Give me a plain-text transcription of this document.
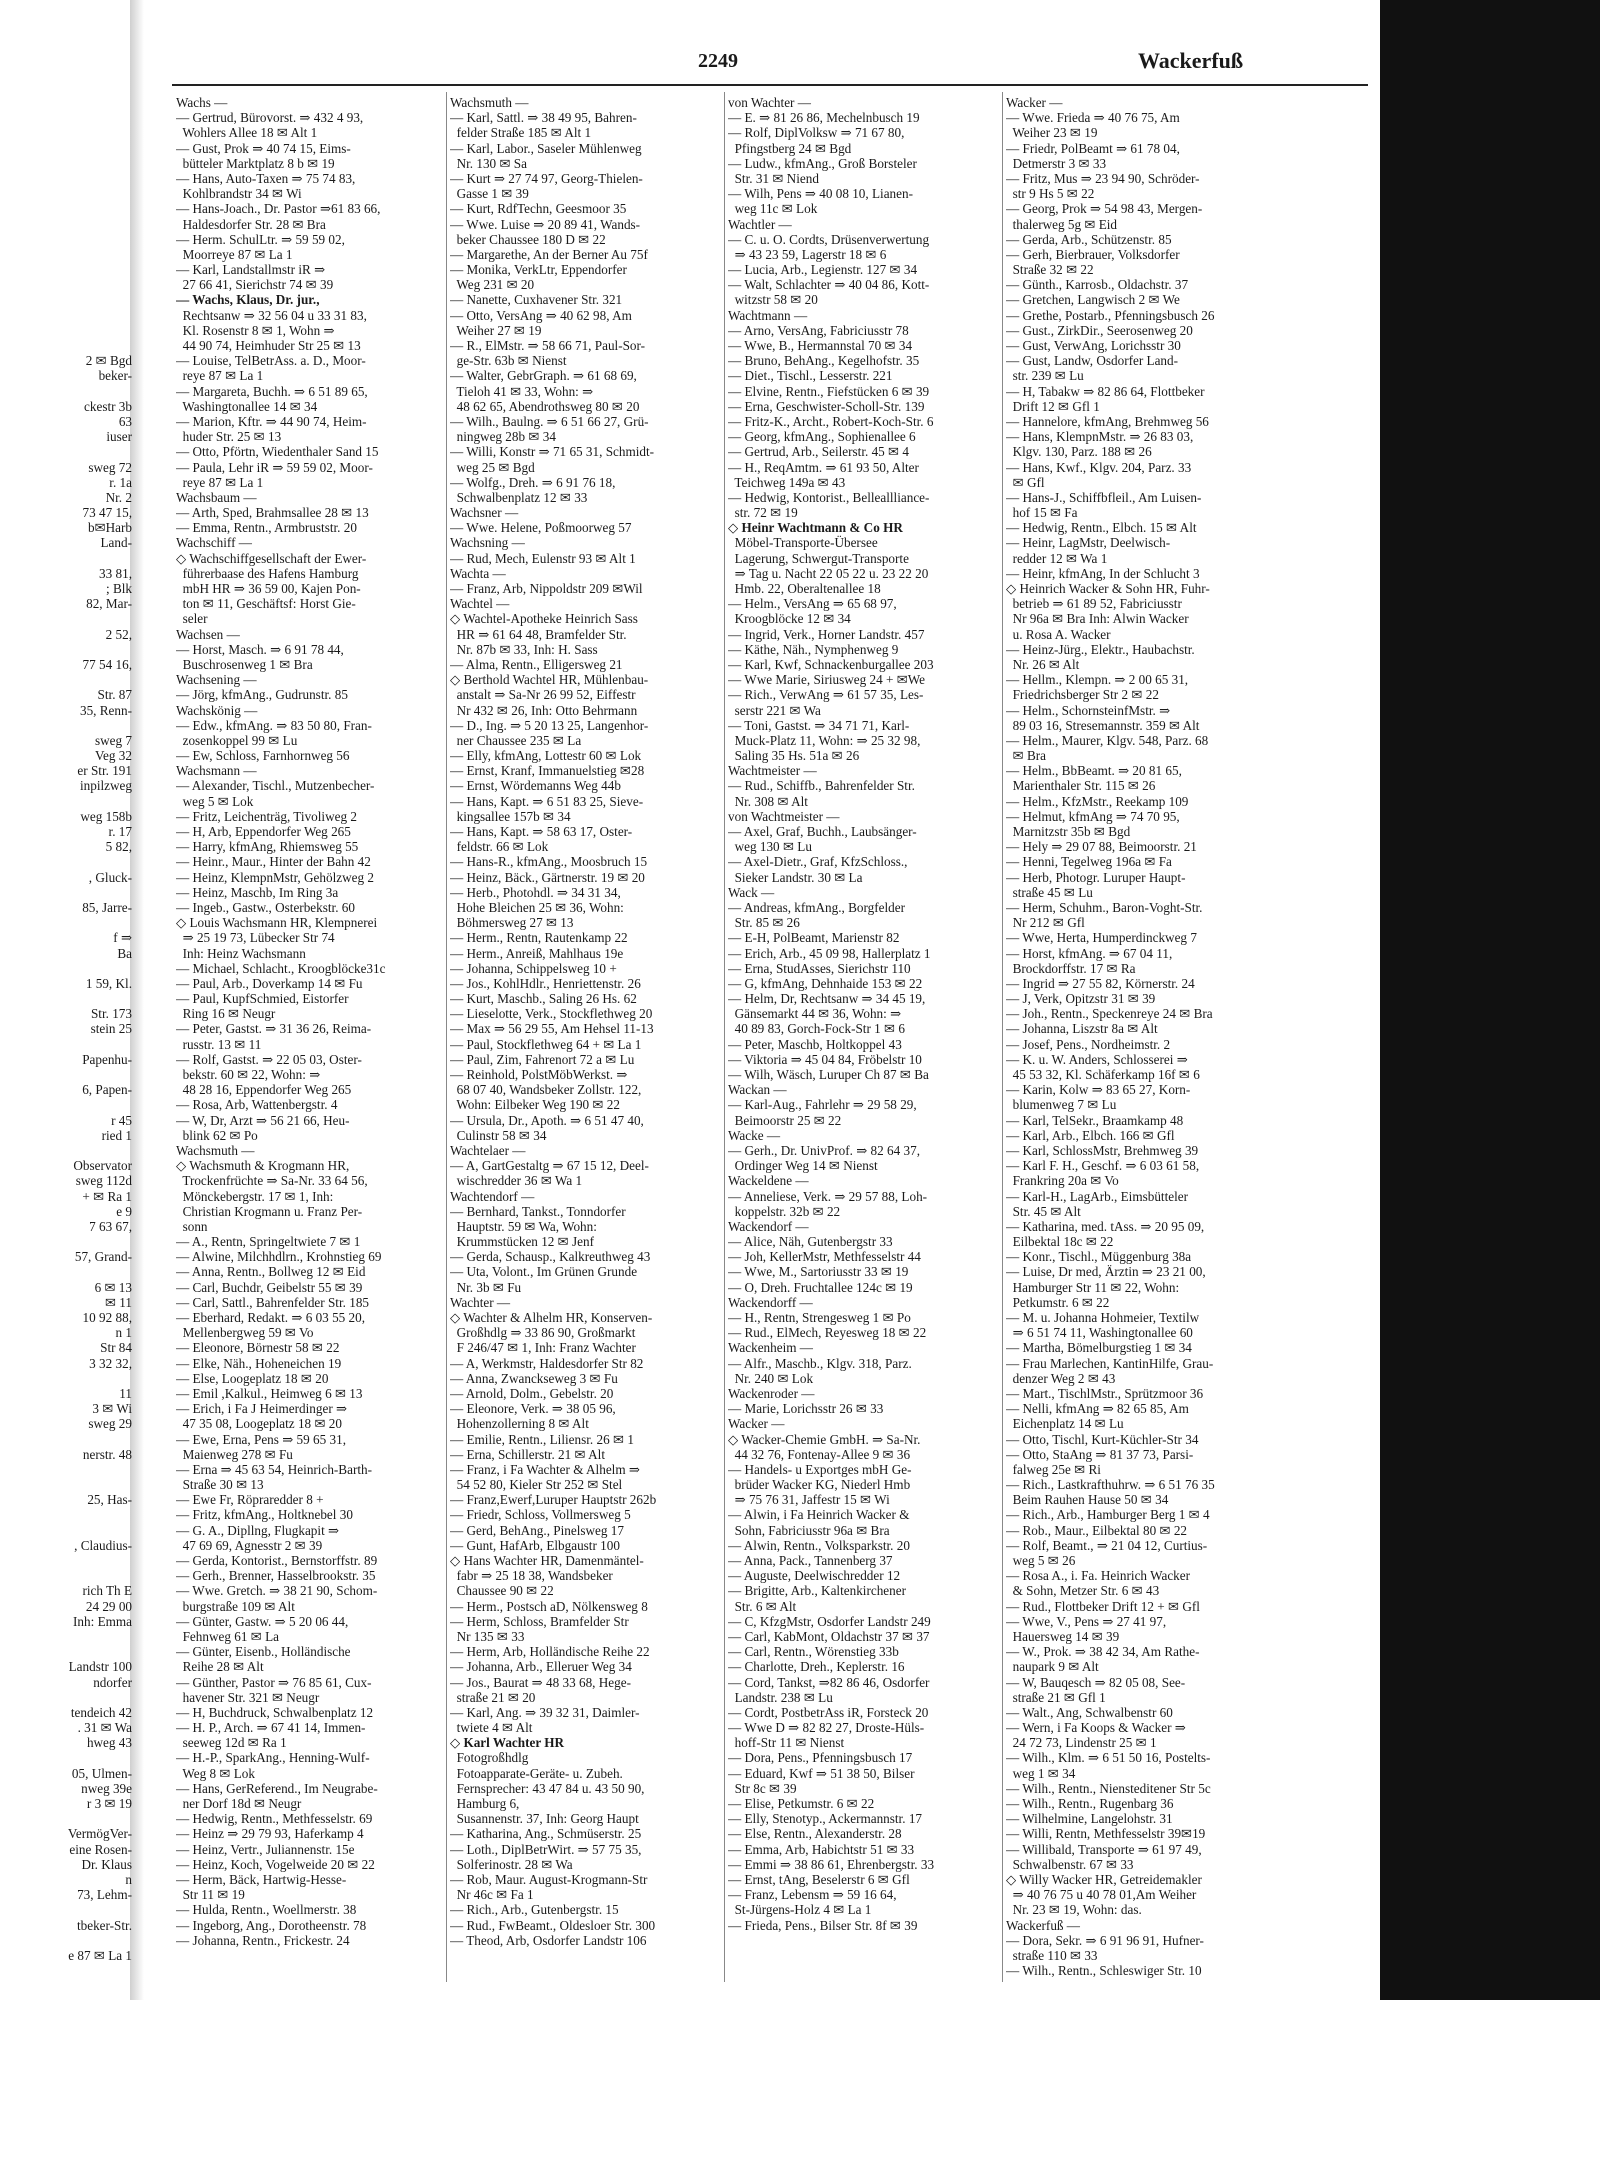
2249	Wackerfuß
2 ✉ Bgd
beker-
ckestr 3b
63
iuser
sweg 72
r. 1a
Nr. 2
73 47 15,
b✉Harb
Land-
33 81,
; Blk
82, Mar-
2 52,
77 54 16,
Str. 87
35, Renn-
sweg 7
Veg 32
er Str. 191
inpilzweg
weg 158b
r. 17
5 82,
, Gluck-
85, Jarre-
f ⇒
Ba
1 59, Kl.
Str. 173
stein 25
Papenhu-
6, Papen-
r 45
ried 1
Observator
sweg 112d
+ ✉ Ra 1
e 9
7 63 67,
57, Grand-
6 ✉ 13
✉ 11
10 92 88,
n 1
Str 84
3 32 32,
11
3 ✉ Wi
sweg 29
nerstr. 48
25, Has-
, Claudius-
rich Th E
24 29 00
Inh: Emma
Landstr 100
ndorfer
tendeich 42
. 31 ✉ Wa
hweg 43
05, Ulmen-
nweg 39e
r 3 ✉ 19
VermögVer-
eine Rosen-
Dr. Klaus
n
73, Lehm-
tbeker-Str.
e 87 ✉ La 1
Wachs —
— Gertrud, Bürovorst. ⇒ 432 4 93,
Wohlers Allee 18 ✉ Alt 1
— Gust, Prok ⇒ 40 74 15, Eims-
bütteler Marktplatz 8 b ✉ 19
— Hans, Auto-Taxen ⇒ 75 74 83,
Kohlbrandstr 34 ✉ Wi
— Hans-Joach., Dr. Pastor ⇒61 83 66,
Haldesdorfer Str. 28 ✉ Bra
— Herm. SchulLtr. ⇒ 59 59 02,
Moorreye 87 ✉ La 1
— Karl, Landstallmstr iR ⇒
27 66 41, Sierichstr 74 ✉ 39
— Wachs, Klaus, Dr. jur.,
Rechtsanw ⇒ 32 56 04 u 33 31 83,
Kl. Rosenstr 8 ✉ 1, Wohn ⇒
44 90 74, Heimhuder Str 25 ✉ 13
— Louise, TelBetrAss. a. D., Moor-
reye 87 ✉ La 1
— Margareta, Buchh. ⇒ 6 51 89 65,
Washingtonallee 14 ✉ 34
— Marion, Kftr. ⇒ 44 90 74, Heim-
huder Str. 25 ✉ 13
— Otto, Pförtn, Wiedenthaler Sand 15
— Paula, Lehr iR ⇒ 59 59 02, Moor-
reye 87 ✉ La 1
Wachsbaum —
— Arth, Sped, Brahmsallee 28 ✉ 13
— Emma, Rentn., Armbruststr. 20
Wachschiff —
◇ Wachschiffgesellschaft der Ewer-
führerbaase des Hafens Hamburg
mbH HR ⇒ 36 59 00, Kajen Pon-
ton ✉ 11, Geschäftsf: Horst Gie-
seler
Wachsen —
— Horst, Masch. ⇒ 6 91 78 44,
Buschrosenweg 1 ✉ Bra
Wachsening —
— Jörg, kfmAng., Gudrunstr. 85
Wachskönig —
— Edw., kfmAng. ⇒ 83 50 80, Fran-
zosenkoppel 99 ✉ Lu
— Ew, Schloss, Farnhornweg 56
Wachsmann —
— Alexander, Tischl., Mutzenbecher-
weg 5 ✉ Lok
— Fritz, Leichenträg, Tivoliweg 2
— H, Arb, Eppendorfer Weg 265
— Harry, kfmAng, Rhiemsweg 55
— Heinr., Maur., Hinter der Bahn 42
— Heinz, KlempnMstr, Gehölzweg 2
— Heinz, Maschb, Im Ring 3a
— Ingeb., Gastw., Osterbekstr. 60
◇ Louis Wachsmann HR, Klempnerei
⇒ 25 19 73, Lübecker Str 74
Inh: Heinz Wachsmann
— Michael, Schlacht., Kroogblöcke31c
— Paul, Arb., Doverkamp 14 ✉ Fu
— Paul, KupfSchmied, Eistorfer
Ring 16 ✉ Neugr
— Peter, Gastst. ⇒ 31 36 26, Reima-
russtr. 13 ✉ 11
— Rolf, Gastst. ⇒ 22 05 03, Oster-
bekstr. 60 ✉ 22, Wohn: ⇒
48 28 16, Eppendorfer Weg 265
— Rosa, Arb, Wattenbergstr. 4
— W, Dr, Arzt ⇒ 56 21 66, Heu-
blink 62 ✉ Po
Wachsmuth —
◇ Wachsmuth & Krogmann HR,
Trockenfrüchte ⇒ Sa-Nr. 33 64 56,
Mönckebergstr. 17 ✉ 1, Inh:
Christian Krogmann u. Franz Per-
sonn
— A., Rentn, Springeltwiete 7 ✉ 1
— Alwine, Milchhdlrn., Krohnstieg 69
— Anna, Rentn., Bollweg 12 ✉ Eid
— Carl, Buchdr, Geibelstr 55 ✉ 39
— Carl, Sattl., Bahrenfelder Str. 185
— Eberhard, Redakt. ⇒ 6 03 55 20,
Mellenbergweg 59 ✉ Vo
— Eleonore, Börnestr 58 ✉ 22
— Elke, Näh., Hoheneichen 19
— Else, Loogeplatz 18 ✉ 20
— Emil ,Kalkul., Heimweg 6 ✉ 13
— Erich, i Fa J Heimerdinger ⇒
47 35 08, Loogeplatz 18 ✉ 20
— Ewe, Erna, Pens ⇒ 59 65 31,
Maienweg 278 ✉ Fu
— Erna ⇒ 45 63 54, Heinrich-Barth-
Straße 30 ✉ 13
— Ewe Fr, Röpraredder 8 +
— Fritz, kfmAng., Holtknebel 30
— G. A., Dipllng, Flugkapit ⇒
47 69 69, Agnesstr 2 ✉ 39
— Gerda, Kontorist., Bernstorffstr. 89
— Gerh., Brenner, Hasselbrookstr. 35
— Wwe. Gretch. ⇒ 38 21 90, Schom-
burgstraße 109 ✉ Alt
— Günter, Gastw. ⇒ 5 20 06 44,
Fehnweg 61 ✉ La
— Günter, Eisenb., Holländische
Reihe 28 ✉ Alt
— Günther, Pastor ⇒ 76 85 61, Cux-
havener Str. 321 ✉ Neugr
— H, Buchdruck, Schwalbenplatz 12
— H. P., Arch. ⇒ 67 41 14, Immen-
seeweg 12d ✉ Ra 1
— H.-P., SparkAng., Henning-Wulf-
Weg 8 ✉ Lok
— Hans, GerReferend., Im Neugrabe-
ner Dorf 18d ✉ Neugr
— Hedwig, Rentn., Methfesselstr. 69
— Heinz ⇒ 29 79 93, Haferkamp 4
— Heinz, Vertr., Juliannenstr. 15e
— Heinz, Koch, Vogelweide 20 ✉ 22
— Herm, Bäck, Hartwig-Hesse-
Str 11 ✉ 19
— Hulda, Rentn., Woellmerstr. 38
— Ingeborg, Ang., Dorotheenstr. 78
— Johanna, Rentn., Frickestr. 24
Wachsmuth —
— Karl, Sattl. ⇒ 38 49 95, Bahren-
felder Straße 185 ✉ Alt 1
— Karl, Labor., Saseler Mühlenweg
Nr. 130 ✉ Sa
— Kurt ⇒ 27 74 97, Georg-Thielen-
Gasse 1 ✉ 39
— Kurt, RdfTechn, Geesmoor 35
— Wwe. Luise ⇒ 20 89 41, Wands-
beker Chaussee 180 D ✉ 22
— Margarethe, An der Berner Au 75f
— Monika, VerkLtr, Eppendorfer
Weg 231 ✉ 20
— Nanette, Cuxhavener Str. 321
— Otto, VersAng ⇒ 40 62 98, Am
Weiher 27 ✉ 19
— R., ElMstr. ⇒ 58 66 71, Paul-Sor-
ge-Str. 63b ✉ Nienst
— Walter, GebrGraph. ⇒ 61 68 69,
Tieloh 41 ✉ 33, Wohn: ⇒
48 62 65, Abendrothsweg 80 ✉ 20
— Wilh., Baulng. ⇒ 6 51 66 27, Grü-
ningweg 28b ✉ 34
— Willi, Konstr ⇒ 71 65 31, Schmidt-
weg 25 ✉ Bgd
— Wolfg., Dreh. ⇒ 6 91 76 18,
Schwalbenplatz 12 ✉ 33
Wachsner —
— Wwe. Helene, Poßmoorweg 57
Wachsning —
— Rud, Mech, Eulenstr 93 ✉ Alt 1
Wachta —
— Franz, Arb, Nippoldstr 209 ✉Wil
Wachtel —
◇ Wachtel-Apotheke Heinrich Sass
HR ⇒ 61 64 48, Bramfelder Str.
Nr. 87b ✉ 33, Inh: H. Sass
— Alma, Rentn., Elligersweg 21
◇ Berthold Wachtel HR, Mühlenbau-
anstalt ⇒ Sa-Nr 26 99 52, Eiffestr
Nr 432 ✉ 26, Inh: Otto Behrmann
— D., Ing. ⇒ 5 20 13 25, Langenhor-
ner Chaussee 235 ✉ La
— Elly, kfmAng, Lottestr 60 ✉ Lok
— Ernst, Kranf, Immanuelstieg ✉28
— Ernst, Wördemanns Weg 44b
— Hans, Kapt. ⇒ 6 51 83 25, Sieve-
kingsallee 157b ✉ 34
— Hans, Kapt. ⇒ 58 63 17, Oster-
feldstr. 66 ✉ Lok
— Hans-R., kfmAng., Moosbruch 15
— Heinz, Bäck., Gärtnerstr. 19 ✉ 20
— Herb., Photohdl. ⇒ 34 31 34,
Hohe Bleichen 25 ✉ 36, Wohn:
Böhmersweg 27 ✉ 13
— Herm., Rentn, Rautenkamp 22
— Herm., Anreiß, Mahlhaus 19e
— Johanna, Schippelsweg 10 +
— Jos., KohlHdlr., Henriettenstr. 26
— Kurt, Maschb., Saling 26 Hs. 62
— Lieselotte, Verk., Stockflethweg 20
— Max ⇒ 56 29 55, Am Hehsel 11-13
— Paul, Stockflethweg 64 + ✉ La 1
— Paul, Zim, Fahrenort 72 a ✉ Lu
— Reinhold, PolstMöbWerkst. ⇒
68 07 40, Wandsbeker Zollstr. 122,
Wohn: Eilbeker Weg 190 ✉ 22
— Ursula, Dr., Apoth. ⇒ 6 51 47 40,
Culinstr 58 ✉ 34
Wachtelaer —
— A, GartGestaltg ⇒ 67 15 12, Deel-
wischredder 36 ✉ Wa 1
Wachtendorf —
— Bernhard, Tankst., Tonndorfer
Hauptstr. 59 ✉ Wa, Wohn:
Krummstücken 12 ✉ Jenf
— Gerda, Schausp., Kalkreuthweg 43
— Uta, Volont., Im Grünen Grunde
Nr. 3b ✉ Fu
Wachter —
◇ Wachter & Alhelm HR, Konserven-
Großhdlg ⇒ 33 86 90, Großmarkt
F 246/47 ✉ 1, Inh: Franz Wachter
— A, Werkmstr, Haldesdorfer Str 82
— Anna, Zwanckseweg 3 ✉ Fu
— Arnold, Dolm., Gebelstr. 20
— Eleonore, Verk. ⇒ 38 05 96,
Hohenzollerning 8 ✉ Alt
— Emilie, Rentn., Liliensr. 26 ✉ 1
— Erna, Schillerstr. 21 ✉ Alt
— Franz, i Fa Wachter & Alhelm ⇒
54 52 80, Kieler Str 252 ✉ Stel
— Franz,Ewerf,Luruper Hauptstr 262b
— Friedr, Schloss, Vollmersweg 5
— Gerd, BehAng., Pinelsweg 17
— Gunt, HafArb, Elbgaustr 100
◇ Hans Wachter HR, Damenmäntel-
fabr ⇒ 25 18 38, Wandsbeker
Chaussee 90 ✉ 22
— Herm., Postsch aD, Nölkensweg 8
— Herm, Schloss, Bramfelder Str
Nr 135 ✉ 33
— Herm, Arb, Holländische Reihe 22
— Johanna, Arb., Elleruer Weg 34
— Jos., Baurat ⇒ 48 33 68, Hege-
straße 21 ✉ 20
— Karl, Ang. ⇒ 39 32 31, Daimler-
twiete 4 ✉ Alt
◇ Karl Wachter HR
Fotogroßhdlg
Fotoapparate-Geräte- u. Zubeh.
Fernsprecher: 43 47 84 u. 43 50 90,
Hamburg 6,
Susannenstr. 37, Inh: Georg Haupt
— Katharina, Ang., Schmüserstr. 25
— Loth., DiplBetrWirt. ⇒ 57 75 35,
Solferinostr. 28 ✉ Wa
— Rob, Maur. August-Krogmann-Str
Nr 46c ✉ Fa 1
— Rich., Arb., Gutenbergstr. 15
— Rud., FwBeamt., Oldesloer Str. 300
— Theod, Arb, Osdorfer Landstr 106
von Wachter —
— E. ⇒ 81 26 86, Mechelnbusch 19
— Rolf, DiplVolksw ⇒ 71 67 80,
Pfingstberg 24 ✉ Bgd
— Ludw., kfmAng., Groß Borsteler
Str. 31 ✉ Niend
— Wilh, Pens ⇒ 40 08 10, Lianen-
weg 11c ✉ Lok
Wachtler —
— C. u. O. Cordts, Drüsenverwertung
⇒ 43 23 59, Lagerstr 18 ✉ 6
— Lucia, Arb., Legienstr. 127 ✉ 34
— Walt, Schlachter ⇒ 40 04 86, Kott-
witzstr 58 ✉ 20
Wachtmann —
— Arno, VersAng, Fabriciusstr 78
— Wwe, B., Hermannstal 70 ✉ 34
— Bruno, BehAng., Kegelhofstr. 35
— Diet., Tischl., Lesserstr. 221
— Elvine, Rentn., Fiefstücken 6 ✉ 39
— Erna, Geschwister-Scholl-Str. 139
— Fritz-K., Archt., Robert-Koch-Str. 6
— Georg, kfmAng., Sophienallee 6
— Gertrud, Arb., Seilerstr. 45 ✉ 4
— H., ReqAmtm. ⇒ 61 93 50, Alter
Teichweg 149a ✉ 43
— Hedwig, Kontorist., Belleallliance-
str. 72 ✉ 19
◇ Heinr Wachtmann & Co HR
Möbel-Transporte-Übersee
Lagerung, Schwergut-Transporte
⇒ Tag u. Nacht 22 05 22 u. 23 22 20
Hmb. 22, Oberaltenallee 18
— Helm., VersAng ⇒ 65 68 97,
Kroogblöcke 12 ✉ 34
— Ingrid, Verk., Horner Landstr. 457
— Käthe, Näh., Nymphenweg 9
— Karl, Kwf, Schnackenburgallee 203
— Wwe Marie, Siriusweg 24 + ✉We
— Rich., VerwAng ⇒ 61 57 35, Les-
serstr 221 ✉ Wa
— Toni, Gastst. ⇒ 34 71 71, Karl-
Muck-Platz 11, Wohn: ⇒ 25 32 98,
Saling 35 Hs. 51a ✉ 26
Wachtmeister —
— Rud., Schiffb., Bahrenfelder Str.
Nr. 308 ✉ Alt
von Wachtmeister —
— Axel, Graf, Buchh., Laubsänger-
weg 130 ✉ Lu
— Axel-Dietr., Graf, KfzSchloss.,
Sieker Landstr. 30 ✉ La
Wack —
— Andreas, kfmAng., Borgfelder
Str. 85 ✉ 26
— E-H, PolBeamt, Marienstr 82
— Erich, Arb., 45 09 98, Hallerplatz 1
— Erna, StudAsses, Sierichstr 110
— G, kfmAng, Dehnhaide 153 ✉ 22
— Helm, Dr, Rechtsanw ⇒ 34 45 19,
Gänsemarkt 44 ✉ 36, Wohn: ⇒
40 89 83, Gorch-Fock-Str 1 ✉ 6
— Peter, Maschb, Holtkoppel 43
— Viktoria ⇒ 45 04 84, Fröbelstr 10
— Wilh, Wäsch, Luruper Ch 87 ✉ Ba
Wackan —
— Karl-Aug., Fahrlehr ⇒ 29 58 29,
Beimoorstr 25 ✉ 22
Wacke —
— Gerh., Dr. UnivProf. ⇒ 82 64 37,
Ordinger Weg 14 ✉ Nienst
Wackeldene —
— Anneliese, Verk. ⇒ 29 57 88, Loh-
koppelstr. 32b ✉ 22
Wackendorf —
— Alice, Näh, Gutenbergstr 33
— Joh, KellerMstr, Methfesselstr 44
— Wwe, M., Sartoriusstr 33 ✉ 19
— O, Dreh. Fruchtallee 124c ✉ 19
Wackendorff —
— H., Rentn, Strengesweg 1 ✉ Po
— Rud., ElMech, Reyesweg 18 ✉ 22
Wackenheim —
— Alfr., Maschb., Klgv. 318, Parz.
Nr. 240 ✉ Lok
Wackenroder —
— Marie, Lorichsstr 26 ✉ 33
Wacker —
◇ Wacker-Chemie GmbH. ⇒ Sa-Nr.
44 32 76, Fontenay-Allee 9 ✉ 36
— Handels- u Exportges mbH Ge-
brüder Wacker KG, Niederl Hmb
⇒ 75 76 31, Jaffestr 15 ✉ Wi
— Alwin, i Fa Heinrich Wacker &
Sohn, Fabriciusstr 96a ✉ Bra
— Alwin, Rentn., Volksparkstr. 20
— Anna, Pack., Tannenberg 37
— Auguste, Deelwischredder 12
— Brigitte, Arb., Kaltenkirchener
Str. 6 ✉ Alt
— C, KfzgMstr, Osdorfer Landstr 249
— Carl, KabMont, Oldachstr 37 ✉ 37
— Carl, Rentn., Wörenstieg 33b
— Charlotte, Dreh., Keplerstr. 16
— Cord, Tankst, ⇒82 86 46, Osdorfer
Landstr. 238 ✉ Lu
— Cordt, PostbetrAss iR, Forsteck 20
— Wwe D ⇒ 82 82 27, Droste-Hüls-
hoff-Str 11 ✉ Nienst
— Dora, Pens., Pfenningsbusch 17
— Eduard, Kwf ⇒ 51 38 50, Bilser
Str 8c ✉ 39
— Elise, Petkumstr. 6 ✉ 22
— Elly, Stenotyp., Ackermannstr. 17
— Else, Rentn., Alexanderstr. 28
— Emma, Arb, Habichtstr 51 ✉ 33
— Emmi ⇒ 38 86 61, Ehrenbergstr. 33
— Ernst, tAng, Beselerstr 6 ✉ Gfl
— Franz, Lebensm ⇒ 59 16 64,
St-Jürgens-Holz 4 ✉ La 1
— Frieda, Pens., Bilser Str. 8f ✉ 39
Wacker —
— Wwe. Frieda ⇒ 40 76 75, Am
Weiher 23 ✉ 19
— Friedr, PolBeamt ⇒ 61 78 04,
Detmerstr 3 ✉ 33
— Fritz, Mus ⇒ 23 94 90, Schröder-
str 9 Hs 5 ✉ 22
— Georg, Prok ⇒ 54 98 43, Mergen-
thalerweg 5g ✉ Eid
— Gerda, Arb., Schützenstr. 85
— Gerh, Bierbrauer, Volksdorfer
Straße 32 ✉ 22
— Günth., Karrosb., Oldachstr. 37
— Gretchen, Langwisch 2 ✉ We
— Grethe, Postarb., Pfenningsbusch 26
— Gust., ZirkDir., Seerosenweg 20
— Gust, VerwAng, Lorichsstr 30
— Gust, Landw, Osdorfer Land-
str. 239 ✉ Lu
— H, Tabakw ⇒ 82 86 64, Flottbeker
Drift 12 ✉ Gfl 1
— Hannelore, kfmAng, Brehmweg 56
— Hans, KlempnMstr. ⇒ 26 83 03,
Klgv. 130, Parz. 188 ✉ 26
— Hans, Kwf., Klgv. 204, Parz. 33
✉ Gfl
— Hans-J., Schiffbfleil., Am Luisen-
hof 15 ✉ Fa
— Hedwig, Rentn., Elbch. 15 ✉ Alt
— Heinr, LagMstr, Deelwisch-
redder 12 ✉ Wa 1
— Heinr, kfmAng, In der Schlucht 3
◇ Heinrich Wacker & Sohn HR, Fuhr-
betrieb ⇒ 61 89 52, Fabriciusstr
Nr 96a ✉ Bra Inh: Alwin Wacker
u. Rosa A. Wacker
— Heinz-Jürg., Elektr., Haubachstr.
Nr. 26 ✉ Alt
— Hellm., Klempn. ⇒ 2 00 65 31,
Friedrichsberger Str 2 ✉ 22
— Helm., SchornsteinfMstr. ⇒
89 03 16, Stresemannstr. 359 ✉ Alt
— Helm., Maurer, Klgv. 548, Parz. 68
✉ Bra
— Helm., BbBeamt. ⇒ 20 81 65,
Marienthaler Str. 115 ✉ 26
— Helm., KfzMstr., Reekamp 109
— Helmut, kfmAng ⇒ 74 70 95,
Marnitzstr 35b ✉ Bgd
— Hely ⇒ 29 07 88, Beimoorstr. 21
— Henni, Tegelweg 196a ✉ Fa
— Herb, Photogr. Luruper Haupt-
straße 45 ✉ Lu
— Herm, Schuhm., Baron-Voght-Str.
Nr 212 ✉ Gfl
— Wwe, Herta, Humperdinckweg 7
— Horst, kfmAng. ⇒ 67 04 11,
Brockdorffstr. 17 ✉ Ra
— Ingrid ⇒ 27 55 82, Körnerstr. 24
— J, Verk, Opitzstr 31 ✉ 39
— Joh., Rentn., Speckenreye 24 ✉ Bra
— Johanna, Liszstr 8a ✉ Alt
— Josef, Pens., Nordheimstr. 2
— K. u. W. Anders, Schlosserei ⇒
45 53 32, Kl. Schäferkamp 16f ✉ 6
— Karin, Kolw ⇒ 83 65 27, Korn-
blumenweg 7 ✉ Lu
— Karl, TelSekr., Braamkamp 48
— Karl, Arb., Elbch. 166 ✉ Gfl
— Karl, SchlossMstr, Brehmweg 39
— Karl F. H., Geschf. ⇒ 6 03 61 58,
Frankring 20a ✉ Vo
— Karl-H., LagArb., Eimsbütteler
Str. 45 ✉ Alt
— Katharina, med. tAss. ⇒ 20 95 09,
Eilbektal 18c ✉ 22
— Konr., Tischl., Müggenburg 38a
— Luise, Dr med, Ärztin ⇒ 23 21 00,
Hamburger Str 11 ✉ 22, Wohn:
Petkumstr. 6 ✉ 22
— M. u. Johanna Hohmeier, Textilw
⇒ 6 51 74 11, Washingtonallee 60
— Martha, Bömelburgstieg 1 ✉ 34
— Frau Marlechen, KantinHilfe, Grau-
denzer Weg 2 ✉ 43
— Mart., TischlMstr., Sprützmoor 36
— Nelli, kfmAng ⇒ 82 65 85, Am
Eichenplatz 14 ✉ Lu
— Otto, Tischl, Kurt-Küchler-Str 34
— Otto, StaAng ⇒ 81 37 73, Parsi-
falweg 25e ✉ Ri
— Rich., Lastkrafthuhrw. ⇒ 6 51 76 35
Beim Rauhen Hause 50 ✉ 34
— Rich., Arb., Hamburger Berg 1 ✉ 4
— Rob., Maur., Eilbektal 80 ✉ 22
— Rolf, Beamt., ⇒ 21 04 12, Curtius-
weg 5 ✉ 26
— Rosa A., i. Fa. Heinrich Wacker
& Sohn, Metzer Str. 6 ✉ 43
— Rud., Flottbeker Drift 12 + ✉ Gfl
— Wwe, V., Pens ⇒ 27 41 97,
Hauersweg 14 ✉ 39
— W., Prok. ⇒ 38 42 34, Am Rathe-
naupark 9 ✉ Alt
— W, Bauqesch ⇒ 82 05 08, See-
straße 21 ✉ Gfl 1
— Walt., Ang, Schwalbenstr 60
— Wern, i Fa Koops & Wacker ⇒
24 72 73, Lindenstr 25 ✉ 1
— Wilh., Klm. ⇒ 6 51 50 16, Postelts-
weg 1 ✉ 34
— Wilh., Rentn., Niensteditener Str 5c
— Wilh., Rentn., Rugenbarg 36
— Wilhelmine, Langelohstr. 31
— Willi, Rentn, Methfesselstr 39✉19
— Willibald, Transporte ⇒ 61 97 49,
Schwalbenstr. 67 ✉ 33
◇ Willy Wacker HR, Getreidemakler
⇒ 40 76 75 u 40 78 01,Am Weiher
Nr. 23 ✉ 19, Wohn: das.
Wackerfuß —
— Dora, Sekr. ⇒ 6 91 96 91, Hufner-
straße 110 ✉ 33
— Wilh., Rentn., Schleswiger Str. 10
